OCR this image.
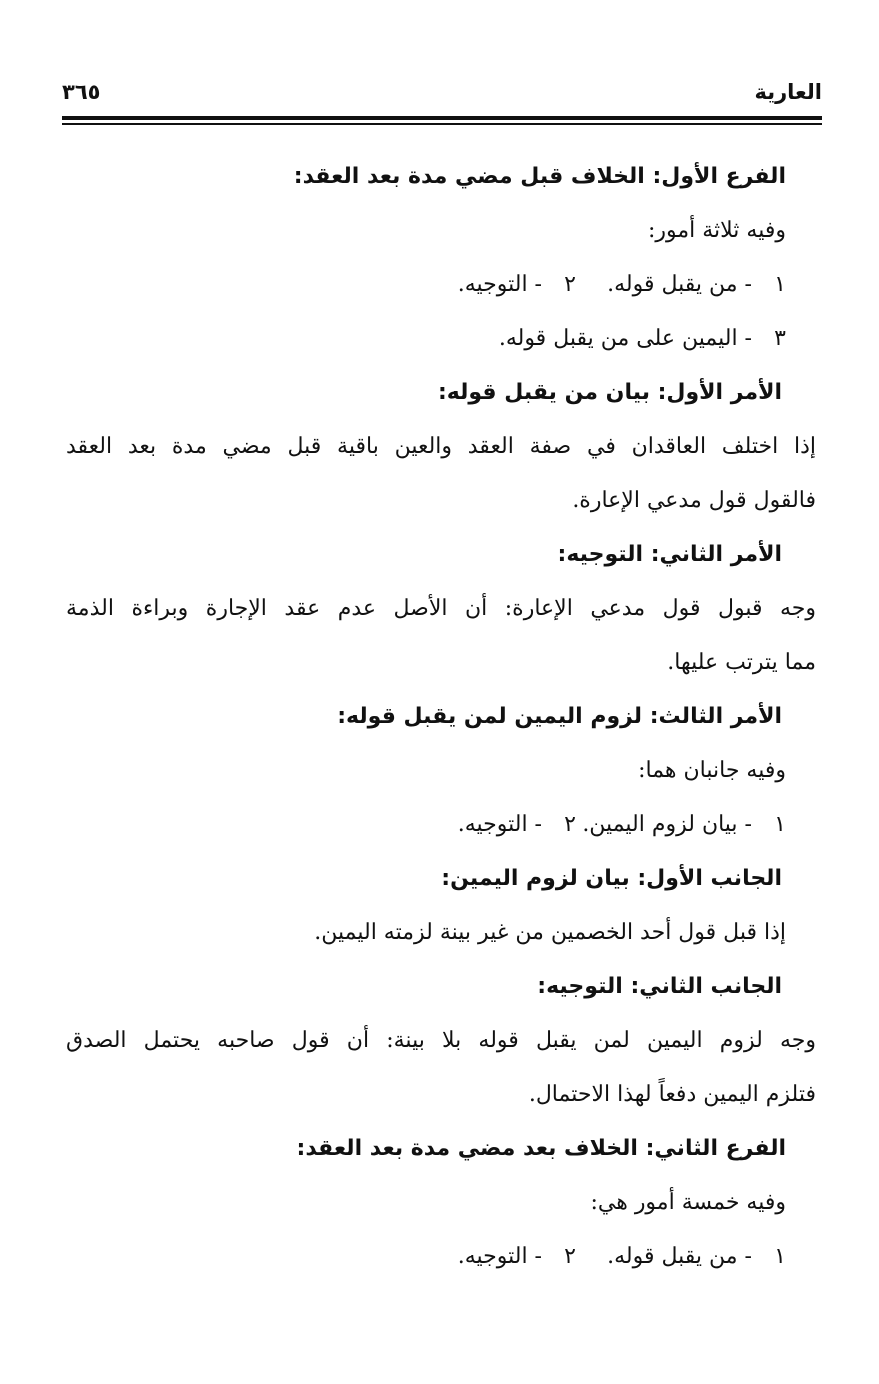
العارية
٣٦٥
الفرع الأول: الخلاف قبل مضي مدة بعد العقد:
وفيه ثلاثة أمور:
١- من يقبل قوله.
٢- التوجيه.
٣- اليمين على من يقبل قوله.
الأمر الأول: بيان من يقبل قوله:
إذا اختلف العاقدان في صفة العقد والعين باقية قبل مضي مدة بعد العقد
فالقول قول مدعي الإعارة.
الأمر الثاني: التوجيه:
وجه قبول قول مدعي الإعارة: أن الأصل عدم عقد الإجارة وبراءة الذمة
مما يترتب عليها.
الأمر الثالث: لزوم اليمين لمن يقبل قوله:
وفيه جانبان هما:
١- بيان لزوم اليمين.
٢- التوجيه.
الجانب الأول: بيان لزوم اليمين:
إذا قبل قول أحد الخصمين من غير بينة لزمته اليمين.
الجانب الثاني: التوجيه:
وجه لزوم اليمين لمن يقبل قوله بلا بينة: أن قول صاحبه يحتمل الصدق
فتلزم اليمين دفعاً لهذا الاحتمال.
الفرع الثاني: الخلاف بعد مضي مدة بعد العقد:
وفيه خمسة أمور هي:
١- من يقبل قوله.
٢- التوجيه.
